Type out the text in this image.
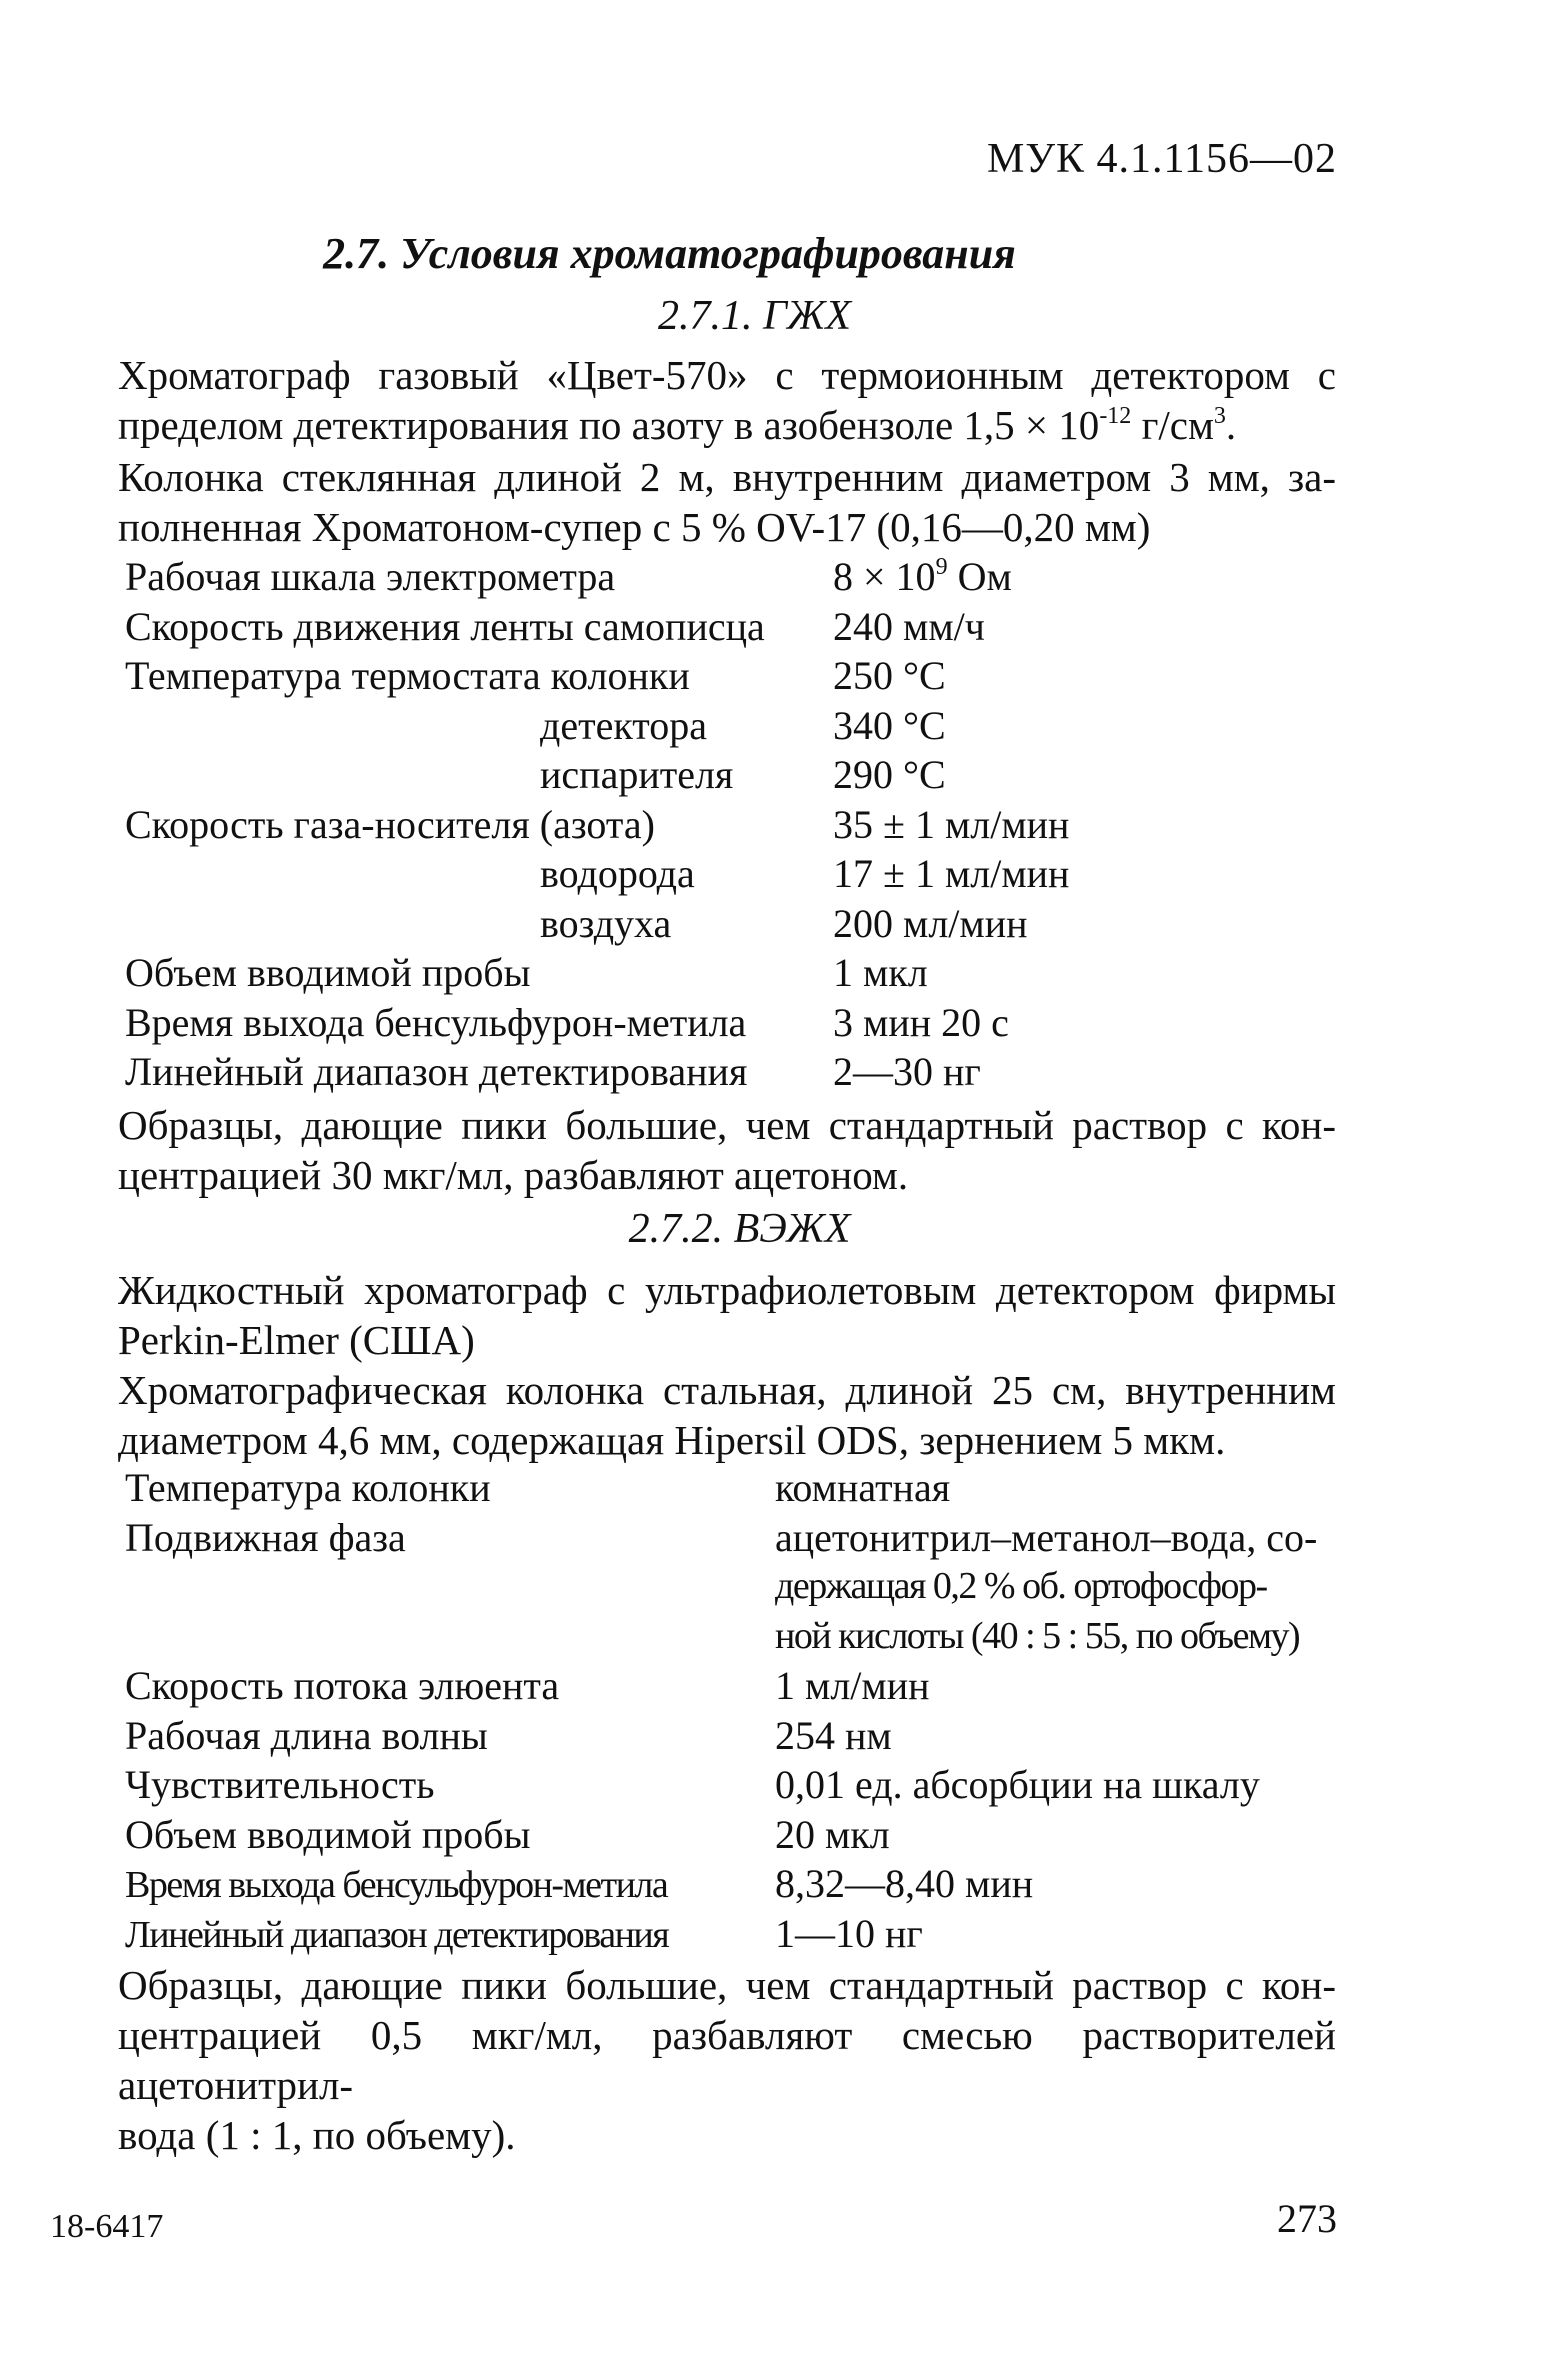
МУК 4.1.1156—02
2.7. Условия хроматографирования
2.7.1. ГЖХ
Хроматограф газовый «Цвет-570» с термоионным детектором с
пределом детектирования по азоту в азобензоле $1,5 \times 10^{-12}$ $г/см^3$.
Колонка стеклянная длиной 2 м, внутренним диаметром 3 мм, за-
полненная Хроматоном-супер с 5 % OV-17 (0,16—0,20 мм)
Рабочая шкала электрометра	$8 \times 10^9$ Ом
Скорость движения ленты самописца 240 мм/ч
Температура термостата колонки	250 °С
детектора	340 °С
испарителя 290 °С
Скорость газа-носителя (азота)	35 ± 1 мл/мин
водорода	17 ± 1 мл/мин
воздуха	200 мл/мин
Объем вводимой пробы	1 мкл
Время выхода бенсульфурон-метила 3 мин 20 с
Линейный диапазон детектирования 2—30 нг
Образцы, дающие пики большие, чем стандартный раствор с кон-
центрацией 30 мкг/мл, разбавляют ацетоном.
2.7.2. ВЭЖХ
Жидкостный хроматограф с ультрафиолетовым детектором фирмы
Perkin-Elmer (США)
Хроматографическая колонка стальная, длиной 25 см, внутренним
диаметром 4,6 мм, содержащая Hipersil ODS, зернением 5 мкм.
Температура колонки	комнатная
Подвижная фаза	ацетонитрил–метанол–вода, со-
держащая 0,2 % об. ортофосфор-
ной кислоты (40 : 5 : 55, по объему)
Скорость потока элюента	1 мл/мин
Рабочая длина волны	254 нм
Чувствительность	0,01 ед. абсорбции на шкалу
Объем вводимой пробы	20 мкл
Время выхода бенсульфурон-метила	8,32—8,40 мин
Линейный диапазон детектирования	1—10 нг
Образцы, дающие пики большие, чем стандартный раствор с кон-
центрацией 0,5 мкг/мл, разбавляют смесью растворителей ацетонитрил-
вода (1 : 1, по объему).
18-6417	273
